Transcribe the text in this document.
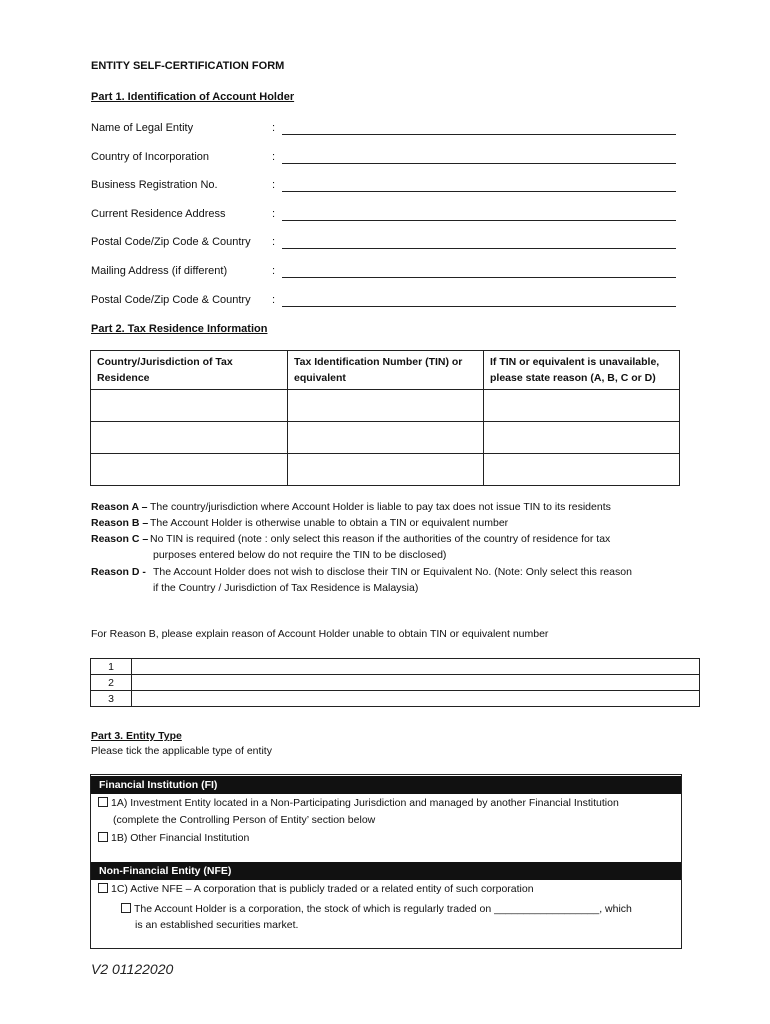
ENTITY SELF-CERTIFICATION FORM
Part 1. Identification of Account Holder
Name of Legal Entity	:
Country of Incorporation	:
Business Registration No.	:
Current Residence Address	:
Postal Code/Zip Code & Country :
Mailing Address (if different)	:
Postal Code/Zip Code & Country :
Part 2. Tax Residence Information
Country/Jurisdiction of Tax Residence	Tax Identification Number (TIN) or equivalent	If TIN or equivalent is unavailable, please state reason (A, B, C or D)

Reason A – The country/jurisdiction where Account Holder is liable to pay tax does not issue TIN to its residents
Reason B – The Account Holder is otherwise unable to obtain a TIN or equivalent number
Reason C – No TIN is required (note : only select this reason if the authorities of the country of residence for tax
purposes entered below do not require the TIN to be disclosed)
Reason D - The Account Holder does not wish to disclose their TIN or Equivalent No. (Note: Only select this reason
if the Country / Jurisdiction of Tax Residence is Malaysia)
For Reason B, please explain reason of Account Holder unable to obtain TIN or equivalent number
1	
2	
3	
Part 3. Entity Type
Please tick the applicable type of entity
Financial Institution (FI)
1A) Investment Entity located in a Non-Participating Jurisdiction and managed by another Financial Institution
(complete the Controlling Person of Entity’ section below
1B) Other Financial Institution
Non-Financial Entity (NFE)
1C) Active NFE – A corporation that is publicly traded or a related entity of such corporation
The Account Holder is a corporation, the stock of which is regularly traded on __________________, which
is an established securities market.
V2 01122020
